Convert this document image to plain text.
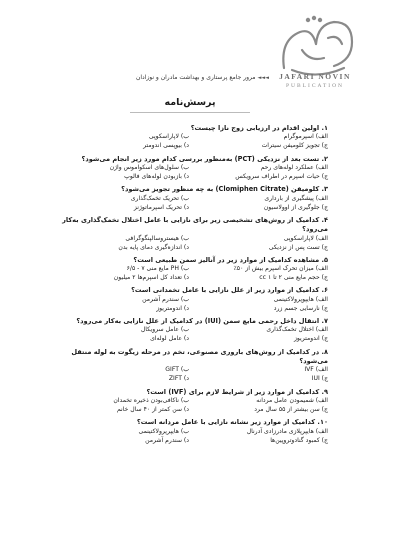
JAFARI NOVIN
PUBLICATION
◄◄◄ مرور جامع پرستاری و بهداشت مادران و نوزادان
پرسش‌نامه
۱. اولین اقدام در ارزیابی زوج نازا چیست؟
الف) اسپرموگرام
ب) لاپاراسکوپی
ج) تجویز کلومیفن سیترات
د) بیوپسی اندومتر
۲. تست بعد از نزدیکی (PCT) به‌منظور بررسی کدام مورد زیر انجام می‌شود؟
الف) عملکرد لوله‌های رحم
ب) سلول‌های اسکواموس واژن
ج) حیات اسپرم در اطراف سرویکس
د) بازبودن لوله‌های فالوپ
۳. کلومیفن (Clomiphen Citrate) به چه منظور تجویز می‌شود؟
الف) پیشگیری از بارداری
ب) تحریک تخمک‌گذاری
ج) جلوگیری از اوولاسیون
د) تحریک اسپرماتوژنز
۴. کدامیک از روش‌های تشخیصی زیر برای نازایی با عامل اختلال تخمک‌گذاری به‌کار می‌رود؟
الف) لاپاراسکوپی
ب) هیستروسالپنگوگرافی
ج) تست پس از نزدیکی
د) اندازه‌گیری دمای پایه بدن
۵. مشاهده کدامیک از موارد زیر در آنالیز سمن طبیعی است؟
الف) میزان تحرک اسپرم بیش از ۵۰٪
ب) PH مایع منی ۷ - ۶/۵
ج) حجم مایع منی ۲ تا ۱ cc
د) تعداد کل اسپرم‌ها ۲ میلیون
۶. کدامیک از موارد زیر از علل نازایی با عامل تخمدانی است؟
الف) هایپوپرولاکتینمی
ب) سندرم آشرمن
ج) نارسایی جسم زرد
د) اندومتریوز
۷. انتقال داخل رحمی مایع سمن (IUI) در کدامیک از علل نازایی به‌کار می‌رود؟
الف) اختلال تخمک‌گذاری
ب) عامل سرویکال
ج) اندومتریوز
د) عامل لوله‌ای
۸. در کدامیک از روش‌های باروری مصنوعی، تخم در مرحله زیگوت به لوله منتقل می‌شود؟
الف) IVF
ب) GIFT
ج) IUI
د) ZIFT
۹. کدامیک از موارد زیر از شرایط لازم برای (IVF) است؟
الف) شمیمودن عامل مردانه
ب) ناکافی‌بودن ذخیره تخمدان
ج) سن بیشتر از ۵۵ سال مرد
د) سن کمتر از ۴۰ سال خانم
۱۰. کدامیک از موارد زیر نشانه نازایی با عامل مردانه است؟
الف) هایپرپلازی مادرزادی آدرنال
ب) هایپرپرولاکتینمی
ج) کمبود گنادوتروپین‌ها
د) سندرم آشرمن
